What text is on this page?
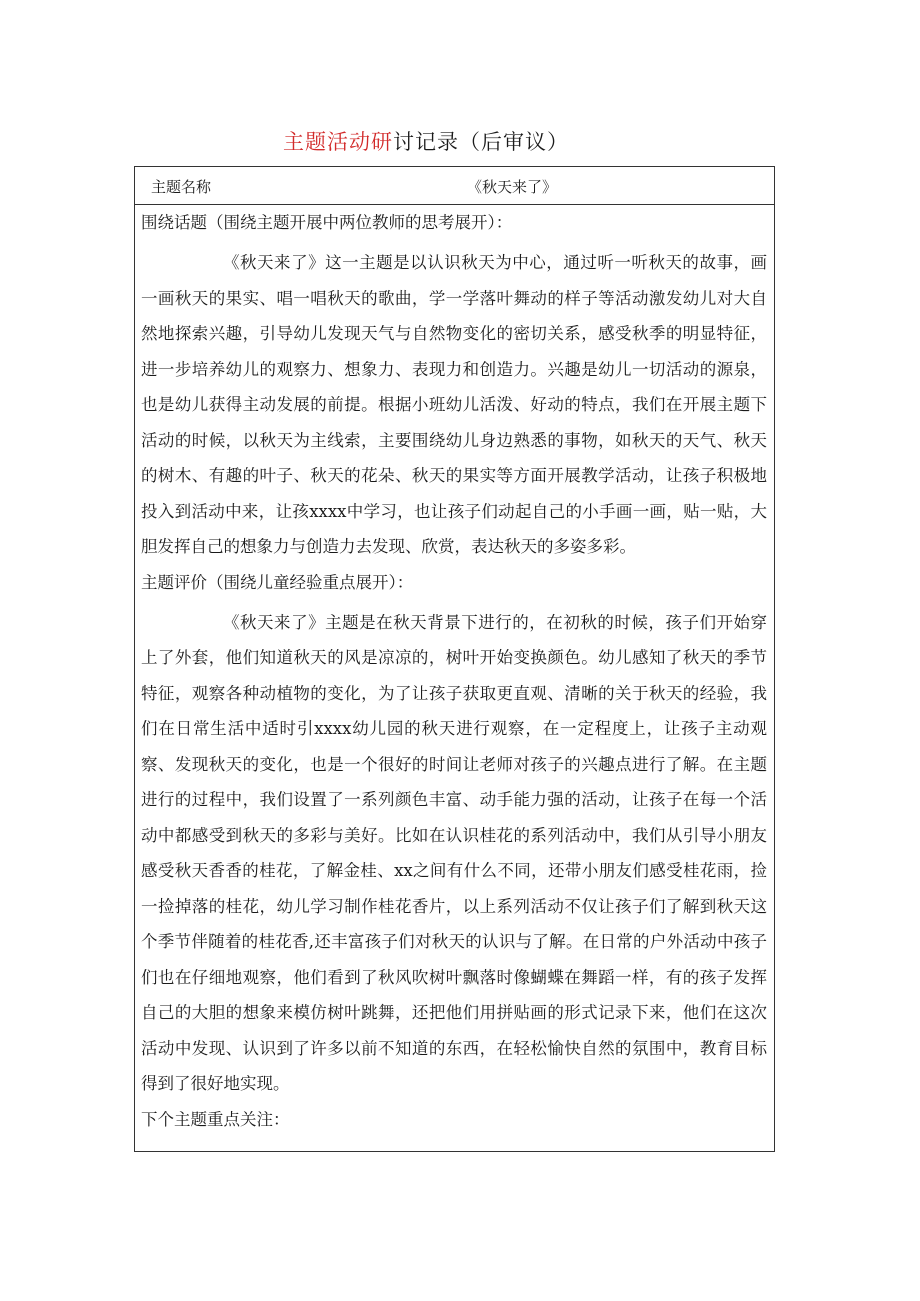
主题活动研讨记录（后审议）
主题名称	《秋天来了》
围绕话题（围绕主题开展中两位教师的思考展开）：

《秋天来了》这一主题是以认识秋天为中心，通过听一听秋天的故事，画一画秋天的果实、唱一唱秋天的歌曲，学一学落叶舞动的样子等活动激发幼儿对大自然地探索兴趣，引导幼儿发现天气与自然物变化的密切关系，感受秋季的明显特征，进一步培养幼儿的观察力、想象力、表现力和创造力。兴趣是幼儿一切活动的源泉，也是幼儿获得主动发展的前提。根据小班幼儿活泼、好动的特点，我们在开展主题下活动的时候，以秋天为主线索，主要围绕幼儿身边熟悉的事物，如秋天的天气、秋天的树木、有趣的叶子、秋天的花朵、秋天的果实等方面开展教学活动，让孩子积极地投入到活动中来，让孩xxxx中学习，也让孩子们动起自己的小手画一画，贴一贴，大胆发挥自己的想象力与创造力去发现、欣赏，表达秋天的多姿多彩。

主题评价（围绕儿童经验重点展开）：

《秋天来了》主题是在秋天背景下进行的，在初秋的时候，孩子们开始穿上了外套，他们知道秋天的风是凉凉的，树叶开始变换颜色。幼儿感知了秋天的季节特征，观察各种动植物的变化，为了让孩子获取更直观、清晰的关于秋天的经验，我们在日常生活中适时引xxxx幼儿园的秋天进行观察，在一定程度上，让孩子主动观察、发现秋天的变化，也是一个很好的时间让老师对孩子的兴趣点进行了解。在主题进行的过程中，我们设置了一系列颜色丰富、动手能力强的活动，让孩子在每一个活动中都感受到秋天的多彩与美好。比如在认识桂花的系列活动中，我们从引导小朋友感受秋天香香的桂花，了解金桂、xx之间有什么不同，还带小朋友们感受桂花雨，捡一捡掉落的桂花，幼儿学习制作桂花香片，以上系列活动不仅让孩子们了解到秋天这个季节伴随着的桂花香,还丰富孩子们对秋天的认识与了解。在日常的户外活动中孩子们也在仔细地观察，他们看到了秋风吹树叶飘落时像蝴蝶在舞蹈一样，有的孩子发挥自己的大胆的想象来模仿树叶跳舞，还把他们用拼贴画的形式记录下来，他们在这次活动中发现、认识到了许多以前不知道的东西，在轻松愉快自然的氛围中，教育目标得到了很好地实现。

下个主题重点关注：
